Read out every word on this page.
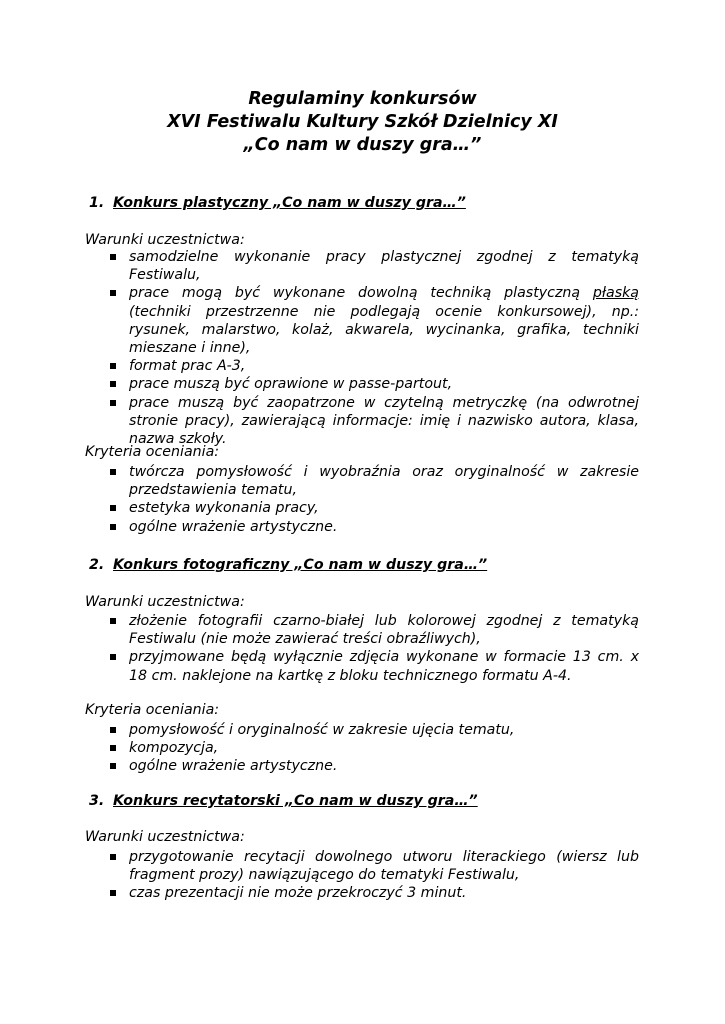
Regulaminy konkursów
XVI Festiwalu Kultury Szkół Dzielnicy XI
„Co nam w duszy gra…”
1. Konkurs plastyczny „Co nam w duszy gra…”
Warunki uczestnictwa:
samodzielne wykonanie pracy plastycznej zgodnej z tematyką Festiwalu,
prace mogą być wykonane dowolną techniką plastyczną płaską (techniki przestrzenne nie podlegają ocenie konkursowej), np.: rysunek, malarstwo, kolaż, akwarela, wycinanka, grafika, techniki mieszane i inne),
format prac A-3,
prace muszą być oprawione w passe-partout,
prace muszą być zaopatrzone w czytelną metryczkę (na odwrotnej stronie pracy), zawierającą informacje: imię i nazwisko autora, klasa, nazwa szkoły.
Kryteria oceniania:
twórcza pomysłowość i wyobraźnia oraz oryginalność w zakresie przedstawienia tematu,
estetyka wykonania pracy,
ogólne wrażenie artystyczne.
2. Konkurs fotograficzny „Co nam w duszy gra…”
Warunki uczestnictwa:
złożenie fotografii czarno-białej lub kolorowej zgodnej z tematyką Festiwalu (nie może zawierać treści obraźliwych),
przyjmowane będą wyłącznie zdjęcia wykonane w formacie 13 cm. x 18 cm. naklejone na kartkę z bloku technicznego formatu A-4.
Kryteria oceniania:
pomysłowość i oryginalność w zakresie ujęcia tematu,
kompozycja,
ogólne wrażenie artystyczne.
3. Konkurs recytatorski „Co nam w duszy gra…”
Warunki uczestnictwa:
przygotowanie recytacji dowolnego utworu literackiego (wiersz lub fragment prozy) nawiązującego do tematyki Festiwalu,
czas prezentacji nie może przekroczyć 3 minut.
